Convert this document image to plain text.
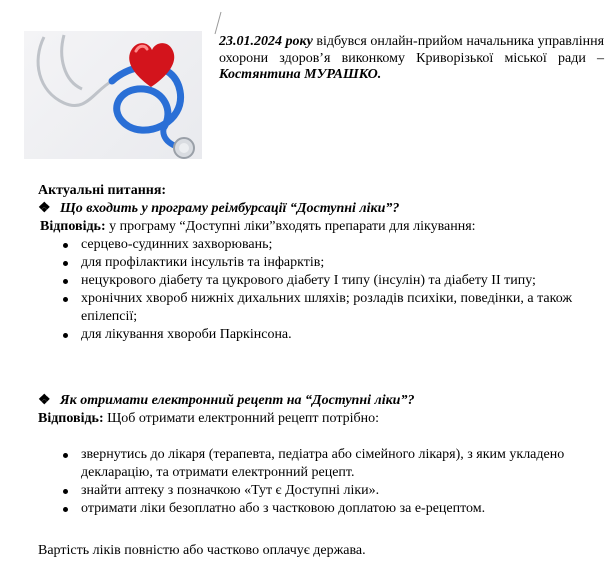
23.01.2024 року відбувся онлайн-прийом начальника управління охорони здоров’я виконкому Криворізької міської ради – Костянтина МУРАШКО.
Актуальні питання:
❖ Що входить у програму реімбурсації “Доступні ліки”?
Відповідь: у програму “Доступні ліки”входять препарати для лікування:
серцево-судинних захворювань;
для профілактики інсультів та інфарктів;
нецукрового діабету та цукрового діабету І типу (інсулін) та діабету ІІ типу;
хронічних хвороб нижніх дихальних шляхів; розладів психіки, поведінки, а також епілепсії;
для лікування хвороби Паркінсона.
❖ Як отримати електронний рецепт на “Доступні ліки”?
Відповідь: Щоб отримати електронний рецепт потрібно:
звернутись до лікаря (терапевта, педіатра або сімейного лікаря), з яким укладено декларацію, та отримати електронний рецепт.
знайти аптеку з позначкою «Тут є Доступні ліки».
отримати ліки безоплатно або з частковою доплатою за е-рецептом.
Вартість ліків повністю або частково оплачує держава.
